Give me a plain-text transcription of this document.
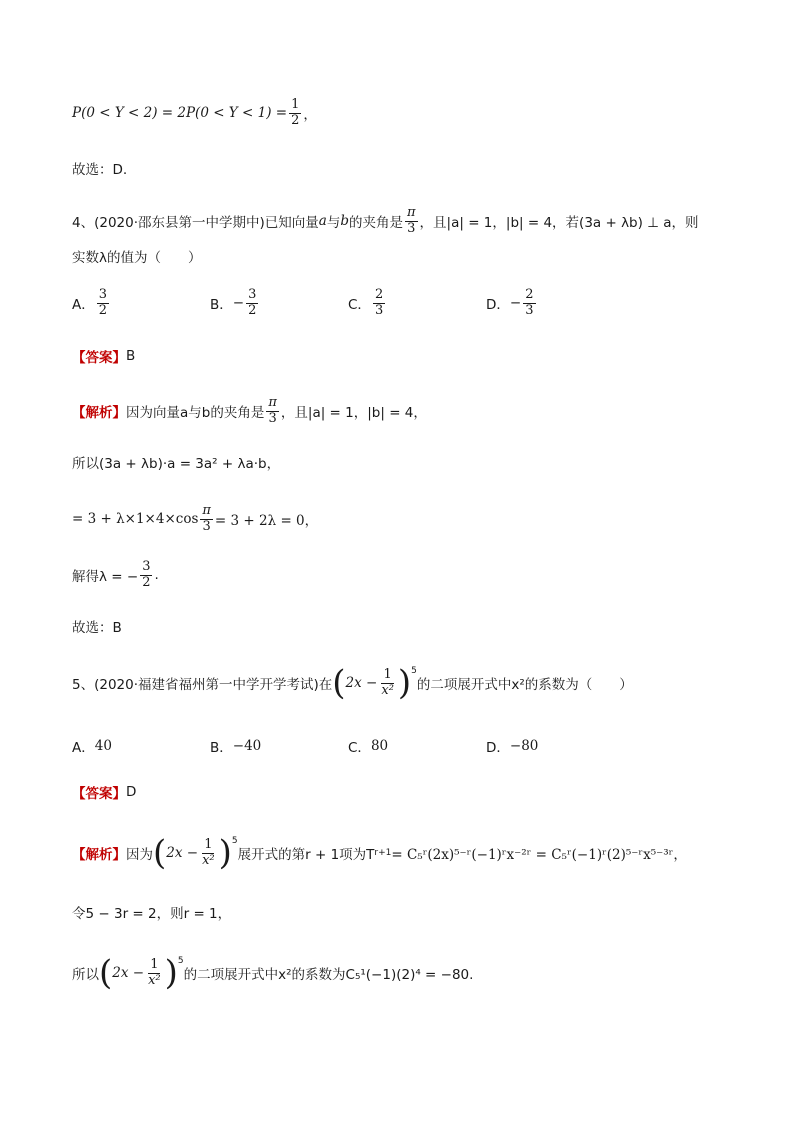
$P(0 < Y < 2) = 2P(0 < Y < 1) = \frac{1}{2}$ ，
故选：D.
4、(2020·邵东县第一中学期中)已知向量 a 与 b 的夹角是 $\frac{\pi}{3}$ ，且|a| = 1，|b| = 4，若(3a + λb) ⊥ a，则
实数λ的值为（　　）
A． $\frac{3}{2}$	B． − $\frac{3}{2}$	C． $\frac{2}{3}$	D． − $\frac{2}{3}$
【答案】 B
【解析】 因为向量a与b的夹角是 $\frac{\pi}{3}$ ，且|a| = 1，|b| = 4，
所以(3a + λb)·a = 3a² + λa·b，
= $3 + \lambda\times 1\times 4\times\cos \frac{\pi}{3} = 3 + 2\lambda = 0$，
解得λ = − $\frac{3}{2}$ .
故选：B
5、(2020·福建省福州第一中学开学考试)在 ( $2x - \frac{1}{\text{x²}} )^5$
的二项展开式中x²的系数为（　　）
A． 40	B． −40	C． 80	D． −80
【答案】 D
【解析】 因为 ( $2x - \frac{1}{\text{x²}} )^5$
展开式的第r + 1项为T r+1 = C₅ʳ(2x)⁵⁻ʳ(−1)ʳx⁻²ʳ = C₅ʳ(−1)ʳ(2)⁵⁻ʳx⁵⁻³ʳ，
令5 − 3r = 2，则r = 1，
所以 ( $2x - \frac{1}{\text{x²}} )^5$
的二项展开式中x²的系数为C₅¹(−1)(2)⁴ = −80.
